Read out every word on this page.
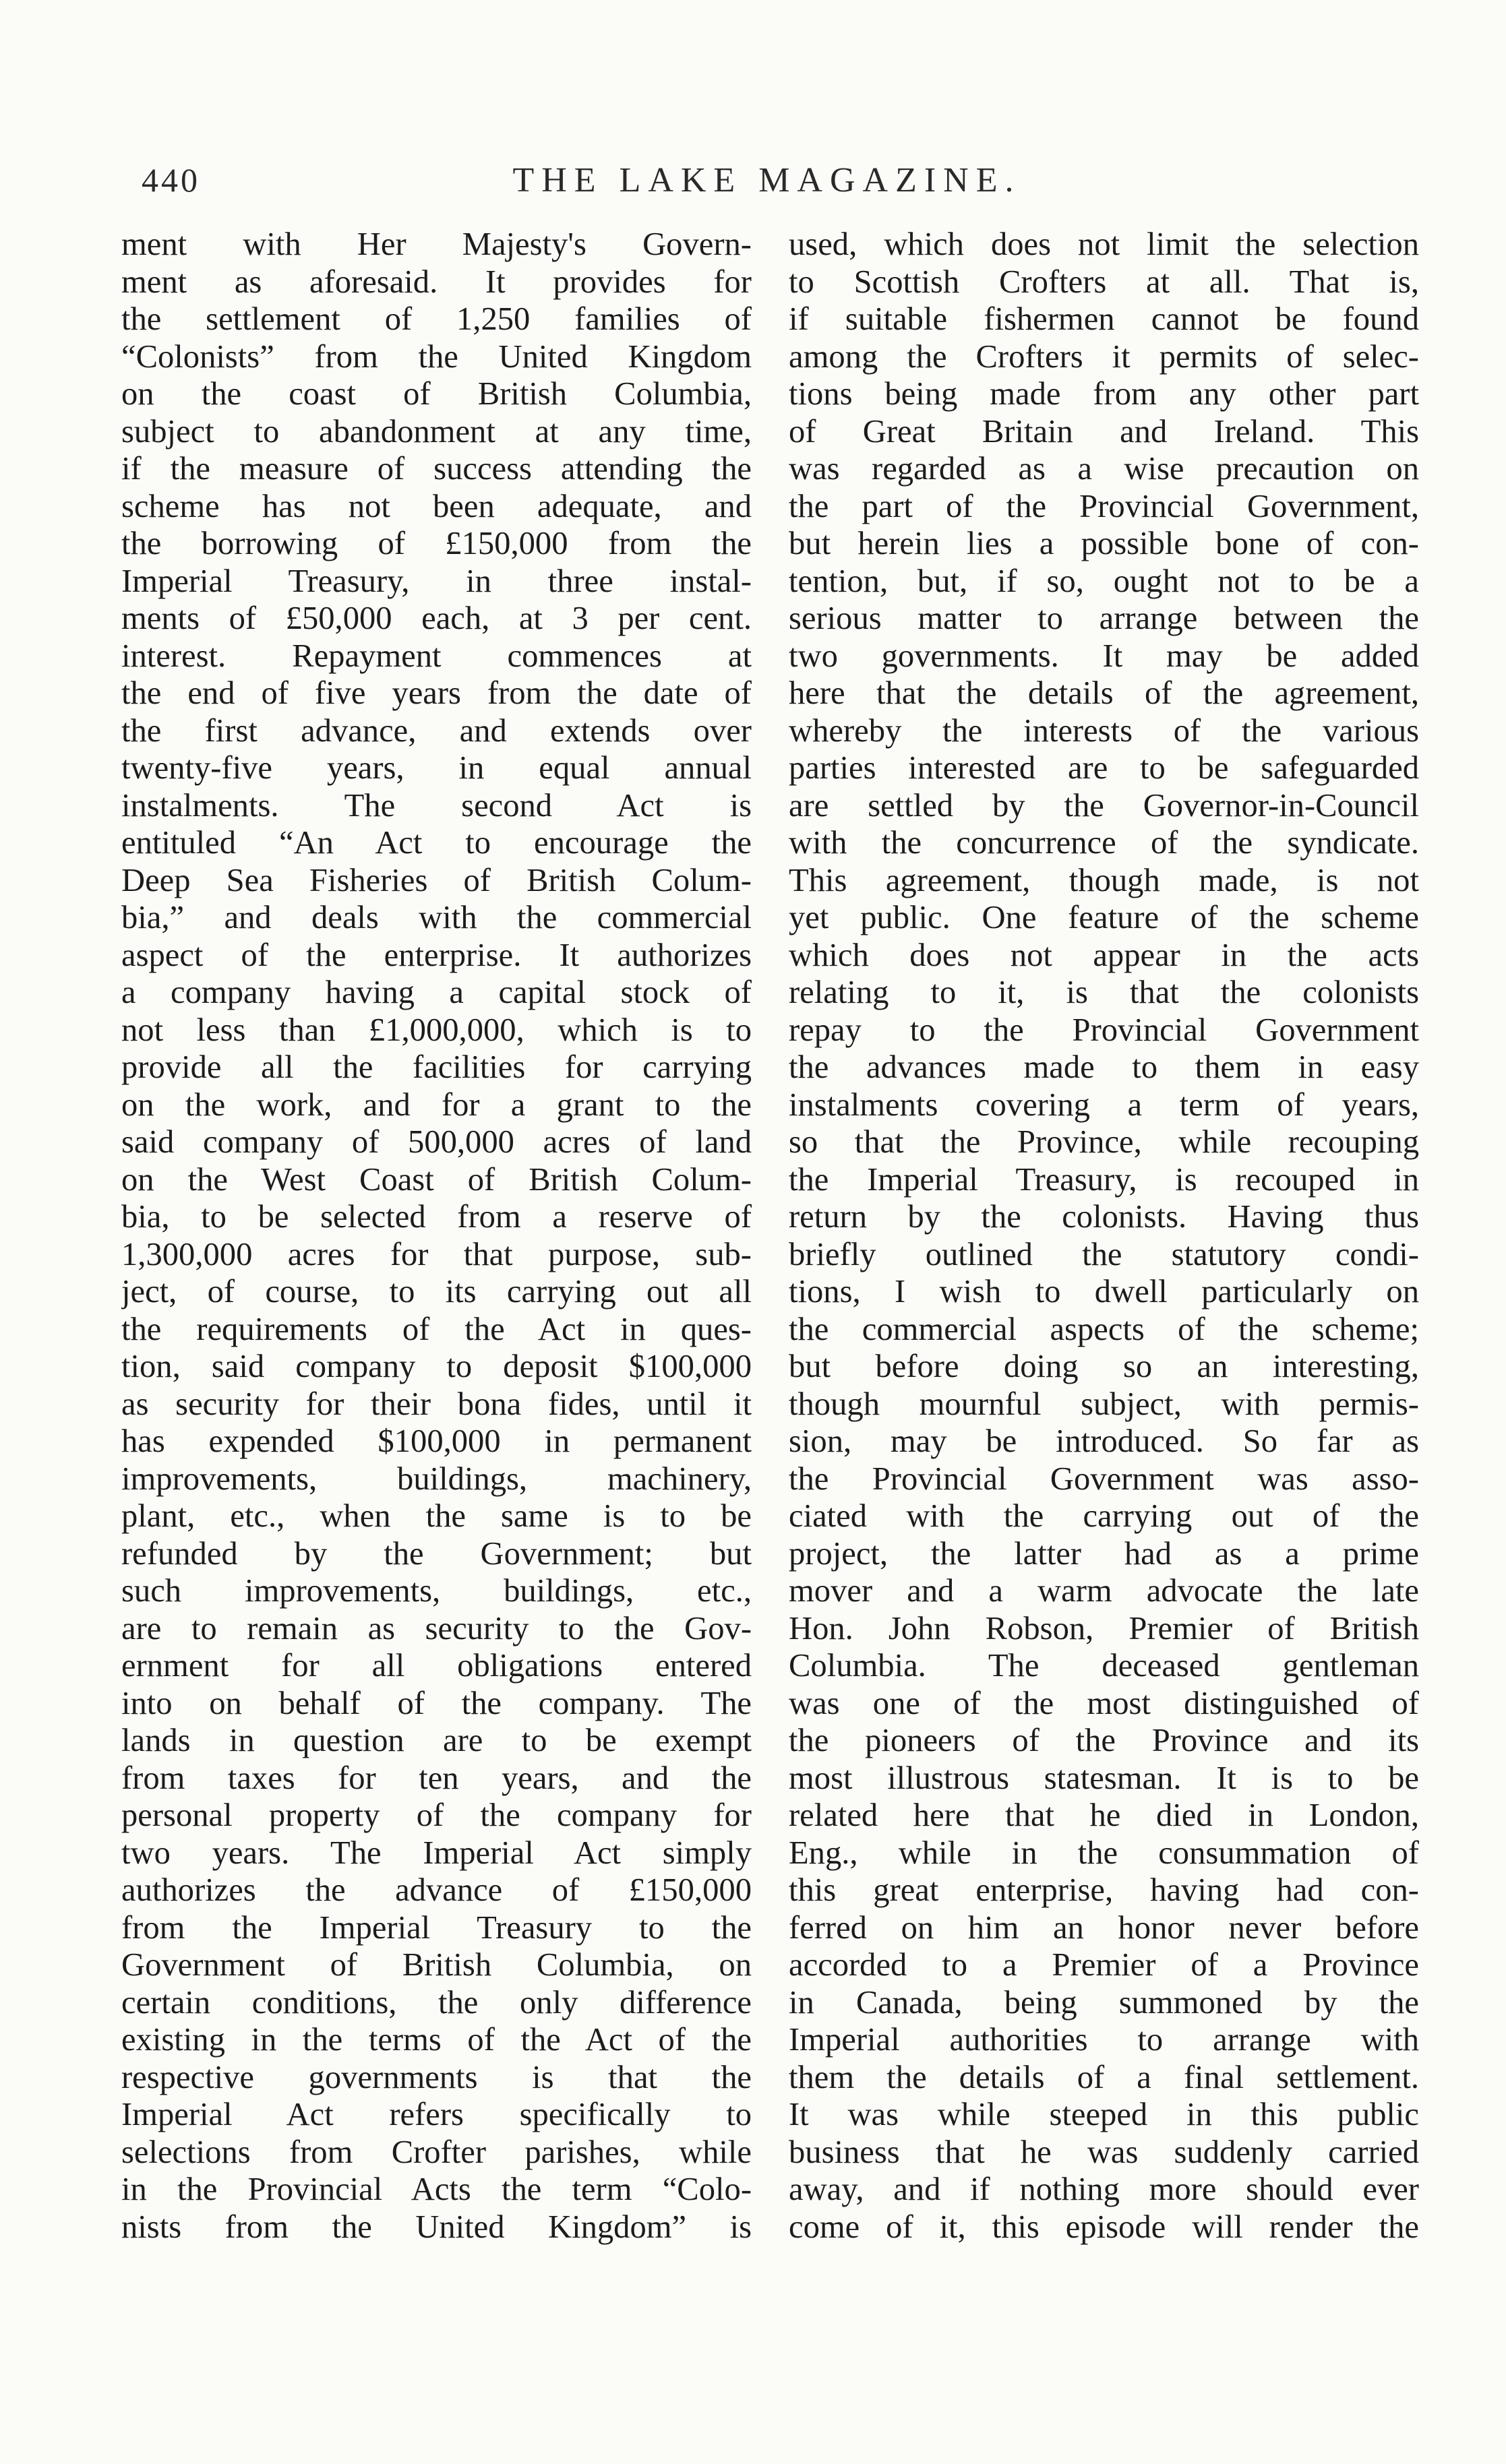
440	THE LAKE MAGAZINE.
ment with Her Majesty's Govern-
ment as aforesaid. It provides for
the settlement of 1,250 families of
“Colonists” from the United Kingdom
on the coast of British Columbia,
subject to abandonment at any time,
if the measure of success attending the
scheme has not been adequate, and
the borrowing of £150,000 from the
Imperial Treasury, in three instal-
ments of £50,000 each, at 3 per cent.
interest. Repayment commences at
the end of five years from the date of
the first advance, and extends over
twenty-five years, in equal annual
instalments. The second Act is
entituled “An Act to encourage the
Deep Sea Fisheries of British Colum-
bia,” and deals with the commercial
aspect of the enterprise. It authorizes
a company having a capital stock of
not less than £1,000,000, which is to
provide all the facilities for carrying
on the work, and for a grant to the
said company of 500,000 acres of land
on the West Coast of British Colum-
bia, to be selected from a reserve of
1,300,000 acres for that purpose, sub-
ject, of course, to its carrying out all
the requirements of the Act in ques-
tion, said company to deposit $100,000
as security for their bona fides, until it
has expended $100,000 in permanent
improvements, buildings, machinery,
plant, etc., when the same is to be
refunded by the Government; but
such improvements, buildings, etc.,
are to remain as security to the Gov-
ernment for all obligations entered
into on behalf of the company. The
lands in question are to be exempt
from taxes for ten years, and the
personal property of the company for
two years. The Imperial Act simply
authorizes the advance of £150,000
from the Imperial Treasury to the
Government of British Columbia, on
certain conditions, the only difference
existing in the terms of the Act of the
respective governments is that the
Imperial Act refers specifically to
selections from Crofter parishes, while
in the Provincial Acts the term “Colo-
nists from the United Kingdom” is
used, which does not limit the selection
to Scottish Crofters at all. That is,
if suitable fishermen cannot be found
among the Crofters it permits of selec-
tions being made from any other part
of Great Britain and Ireland. This
was regarded as a wise precaution on
the part of the Provincial Government,
but herein lies a possible bone of con-
tention, but, if so, ought not to be a
serious matter to arrange between the
two governments. It may be added
here that the details of the agreement,
whereby the interests of the various
parties interested are to be safeguarded
are settled by the Governor-in-Council
with the concurrence of the syndicate.
This agreement, though made, is not
yet public. One feature of the scheme
which does not appear in the acts
relating to it, is that the colonists
repay to the Provincial Government
the advances made to them in easy
instalments covering a term of years,
so that the Province, while recouping
the Imperial Treasury, is recouped in
return by the colonists. Having thus
briefly outlined the statutory condi-
tions, I wish to dwell particularly on
the commercial aspects of the scheme;
but before doing so an interesting,
though mournful subject, with permis-
sion, may be introduced. So far as
the Provincial Government was asso-
ciated with the carrying out of the
project, the latter had as a prime
mover and a warm advocate the late
Hon. John Robson, Premier of British
Columbia. The deceased gentleman
was one of the most distinguished of
the pioneers of the Province and its
most illustrous statesman. It is to be
related here that he died in London,
Eng., while in the consummation of
this great enterprise, having had con-
ferred on him an honor never before
accorded to a Premier of a Province
in Canada, being summoned by the
Imperial authorities to arrange with
them the details of a final settlement.
It was while steeped in this public
business that he was suddenly carried
away, and if nothing more should ever
come of it, this episode will render the
